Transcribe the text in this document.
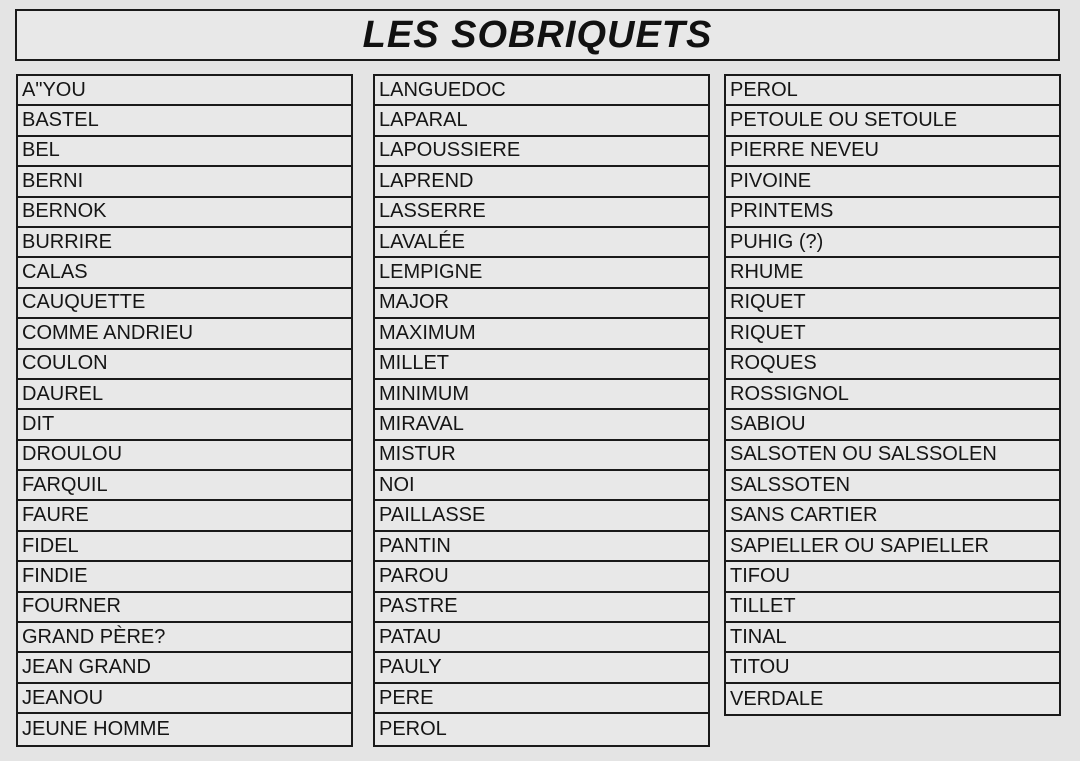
LES SOBRIQUETS
A"YOU
BASTEL
BEL
BERNI
BERNOK
BURRIRE
CALAS
CAUQUETTE
COMME ANDRIEU
COULON
DAUREL
DIT
DROULOU
FARQUIL
FAURE
FIDEL
FINDIE
FOURNER
GRAND PÈRE?
JEAN GRAND
JEANOU
JEUNE HOMME
LANGUEDOC
LAPARAL
LAPOUSSIERE
LAPREND
LASSERRE
LAVALÉE
LEMPIGNE
MAJOR
MAXIMUM
MILLET
MINIMUM
MIRAVAL
MISTUR
NOI
PAILLASSE
PANTIN
PAROU
PASTRE
PATAU
PAULY
PERE
PEROL
PEROL
PETOULE OU SETOULE
PIERRE NEVEU
PIVOINE
PRINTEMS
PUHIG (?)
RHUME
RIQUET
RIQUET
ROQUES
ROSSIGNOL
SABIOU
SALSOTEN OU SALSSOLEN
SALSSOTEN
SANS CARTIER
SAPIELLER OU SAPIELLER
TIFOU
TILLET
TINAL
TITOU
VERDALE
